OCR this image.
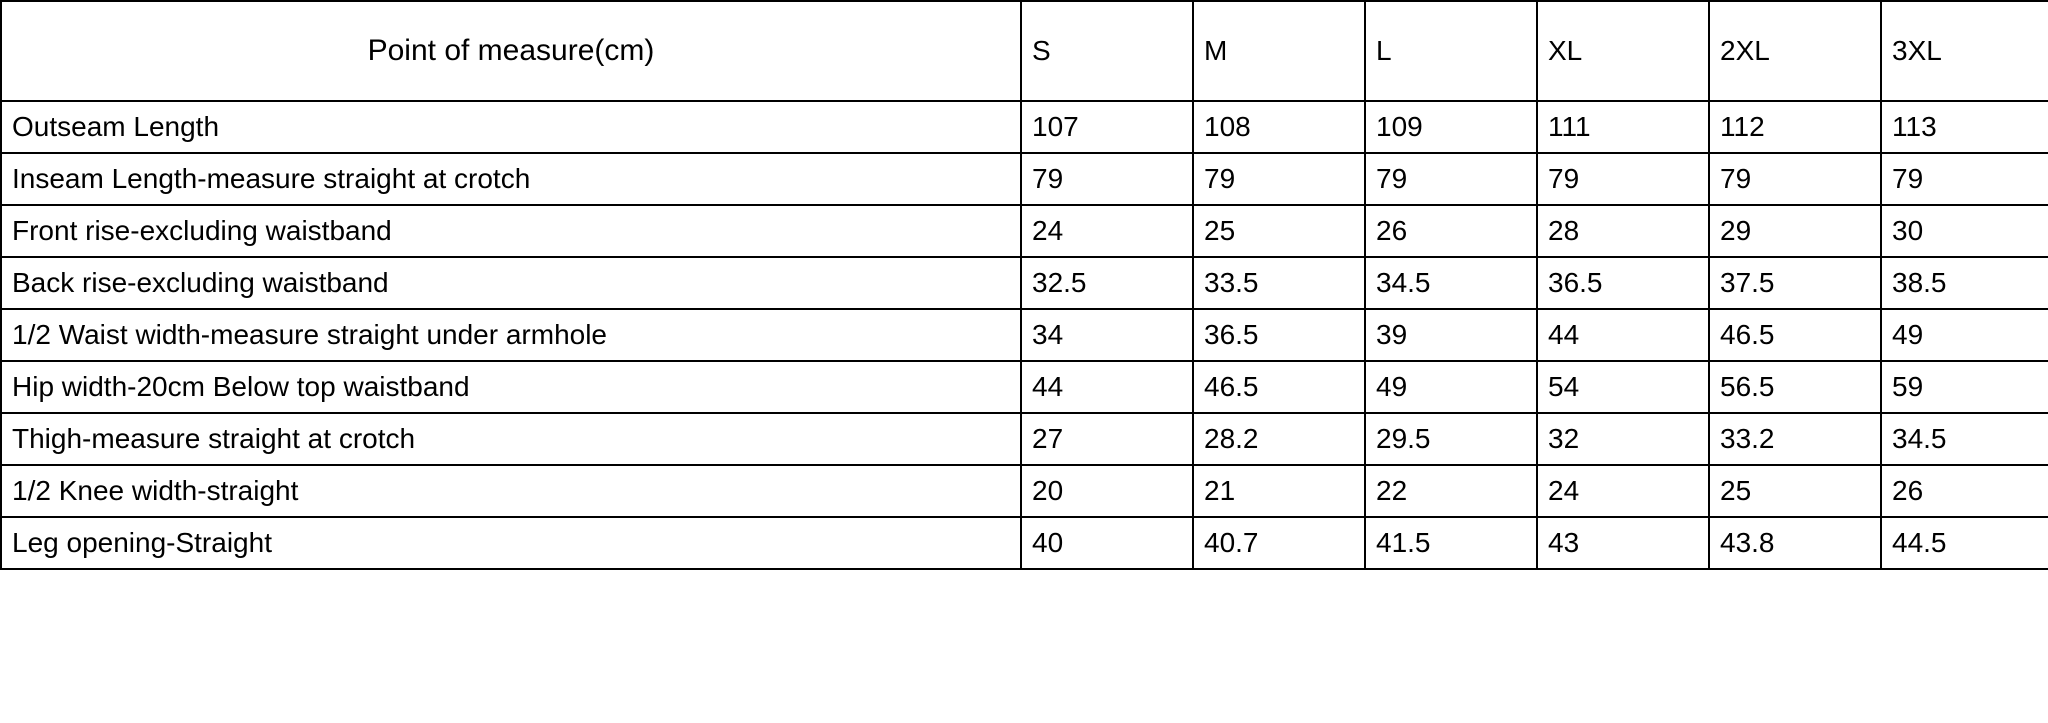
Point of measure(cm)	S	M	L	XL	2XL	3XL
Outseam Length	107	108	109	111	112	113
Inseam Length-measure straight at crotch	79	79	79	79	79	79
Front rise-excluding waistband	24	25	26	28	29	30
Back rise-excluding waistband	32.5	33.5	34.5	36.5	37.5	38.5
1/2 Waist width-measure straight under armhole	34	36.5	39	44	46.5	49
Hip width-20cm Below top waistband	44	46.5	49	54	56.5	59
Thigh-measure straight at crotch	27	28.2	29.5	32	33.2	34.5
1/2 Knee width-straight	20	21	22	24	25	26
Leg opening-Straight	40	40.7	41.5	43	43.8	44.5
